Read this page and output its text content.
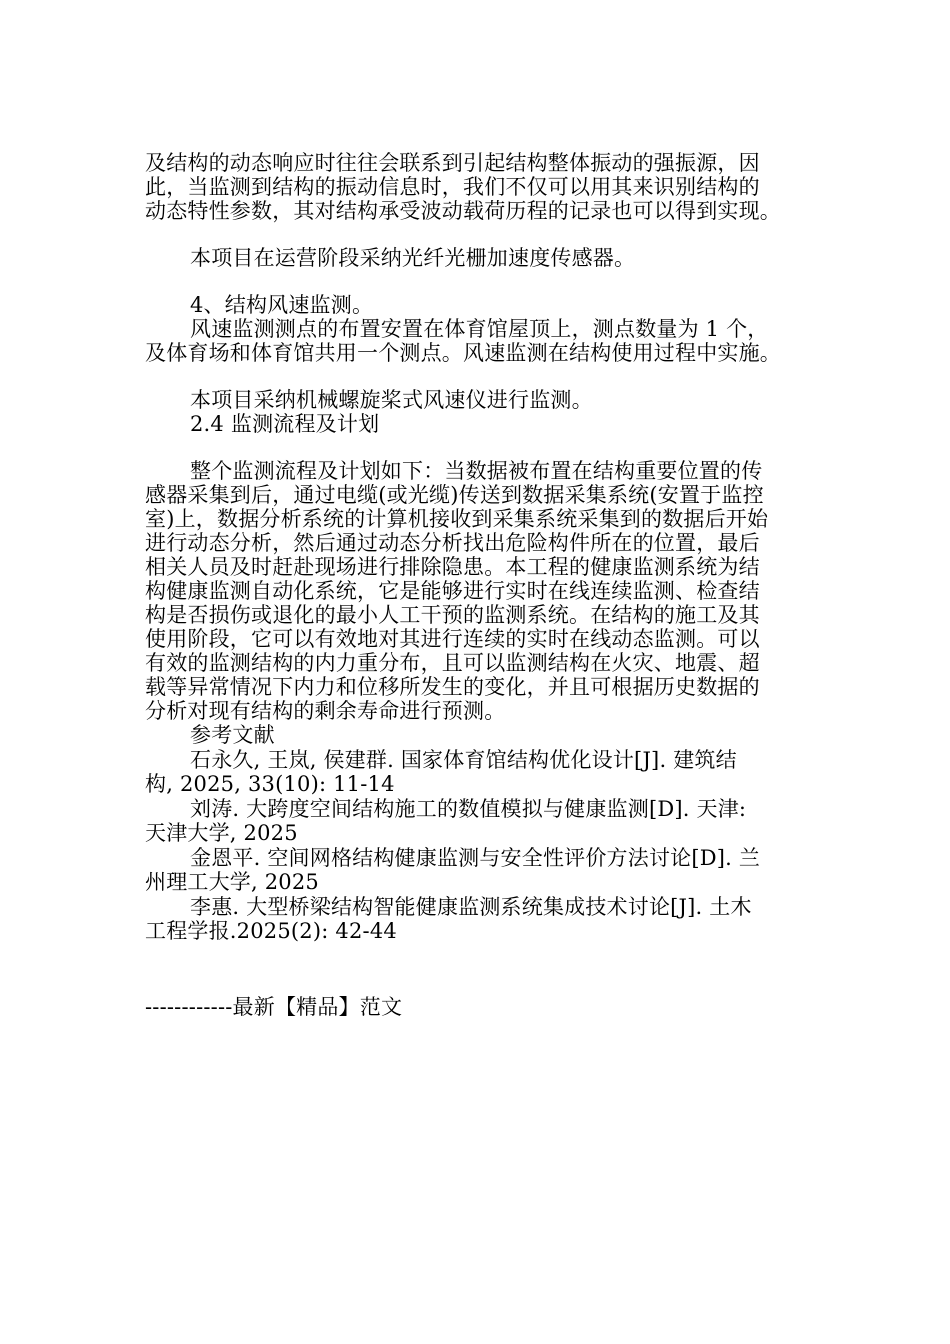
及结构的动态响应时往往会联系到引起结构整体振动的强振源，因
此，当监测到结构的振动信息时，我们不仅可以用其来识别结构的
动态特性参数，其对结构承受波动载荷历程的记录也可以得到实现。
本项目在运营阶段采纳光纤光栅加速度传感器。
4、结构风速监测。
风速监测测点的布置安置在体育馆屋顶上，测点数量为 1 个，
及体育场和体育馆共用一个测点。风速监测在结构使用过程中实施。
本项目采纳机械螺旋桨式风速仪进行监测。
2.4 监测流程及计划
整个监测流程及计划如下：当数据被布置在结构重要位置的传
感器采集到后，通过电缆(或光缆)传送到数据采集系统(安置于监控
室)上，数据分析系统的计算机接收到采集系统采集到的数据后开始
进行动态分析，然后通过动态分析找出危险构件所在的位置，最后
相关人员及时赶赴现场进行排除隐患。本工程的健康监测系统为结
构健康监测自动化系统，它是能够进行实时在线连续监测、检查结
构是否损伤或退化的最小人工干预的监测系统。在结构的施工及其
使用阶段，它可以有效地对其进行连续的实时在线动态监测。可以
有效的监测结构的内力重分布，且可以监测结构在火灾、地震、超
载等异常情况下内力和位移所发生的变化，并且可根据历史数据的
分析对现有结构的剩余寿命进行预测。
参考文献
石永久, 王岚, 侯建群. 国家体育馆结构优化设计[J]. 建筑结
构, 2025, 33(10): 11-14
刘涛. 大跨度空间结构施工的数值模拟与健康监测[D]. 天津:
天津大学, 2025
金恩平. 空间网格结构健康监测与安全性评价方法讨论[D]. 兰
州理工大学, 2025
李惠. 大型桥梁结构智能健康监测系统集成技术讨论[J]. 土木
工程学报.2025(2): 42-44
------------最新【精品】范文
